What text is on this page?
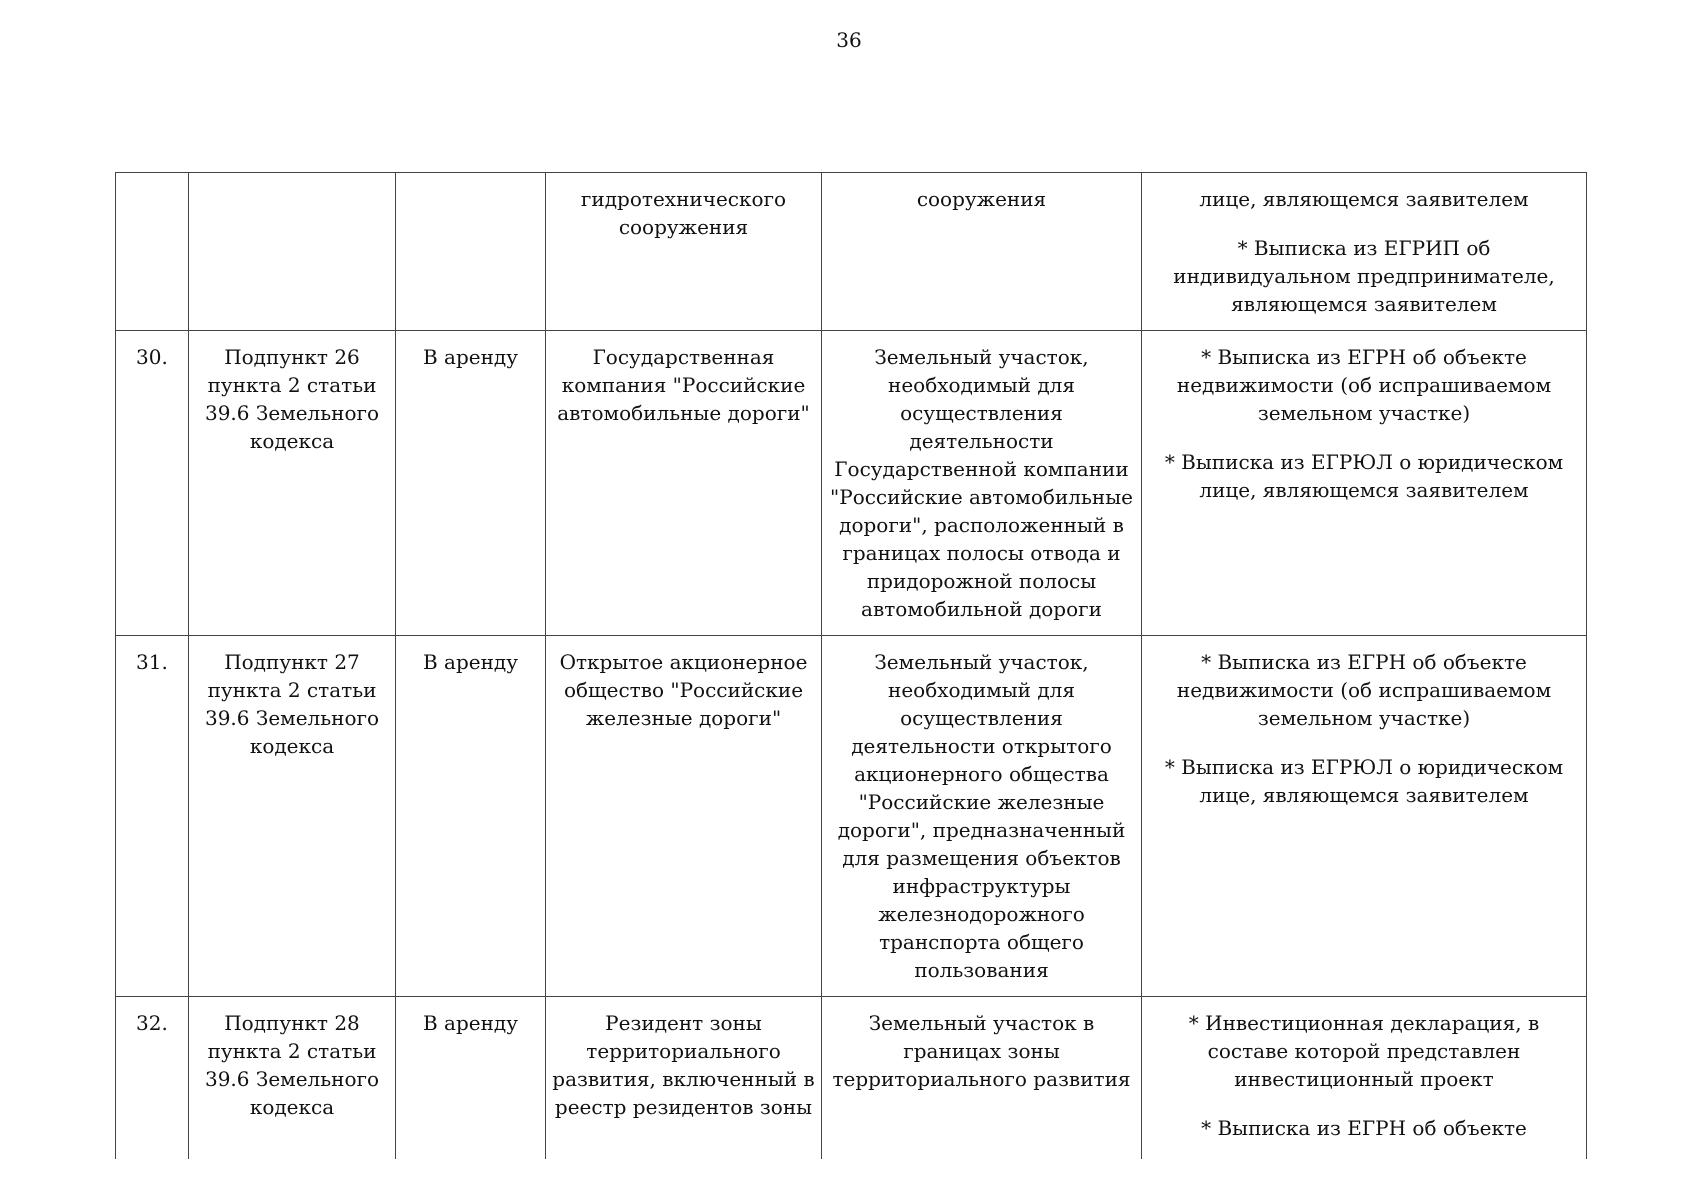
36
			гидротехнического сооружения	сооружения	лице, являющемся заявителем
* Выписка из ЕГРИП об индивидуальном предпринимателе, являющемся заявителем

30.	Подпункт 26 пункта 2 статьи 39.6 Земельного кодекса	В аренду	Государственная компания "Российские автомобильные дороги"	Земельный участок, необходимый для осуществления деятельности Государственной компании "Российские автомобильные дороги", расположенный в границах полосы отвода и придорожной полосы автомобильной дороги	* Выписка из ЕГРН об объекте недвижимости (об испрашиваемом земельном участке)
* Выписка из ЕГРЮЛ о юридическом лице, являющемся заявителем

31.	Подпункт 27 пункта 2 статьи 39.6 Земельного кодекса	В аренду	Открытое акционерное общество "Российские железные дороги"	Земельный участок, необходимый для осуществления деятельности открытого акционерного общества "Российские железные дороги", предназначенный для размещения объектов инфраструктуры железнодорожного транспорта общего пользования	* Выписка из ЕГРН об объекте недвижимости (об испрашиваемом земельном участке)
* Выписка из ЕГРЮЛ о юридическом лице, являющемся заявителем

32.	Подпункт 28 пункта 2 статьи 39.6 Земельного кодекса	В аренду	Резидент зоны территориального развития, включенный в реестр резидентов зоны	Земельный участок в границах зоны территориального развития	* Инвестиционная декларация, в составе которой представлен инвестиционный проект
* Выписка из ЕГРН об объекте
